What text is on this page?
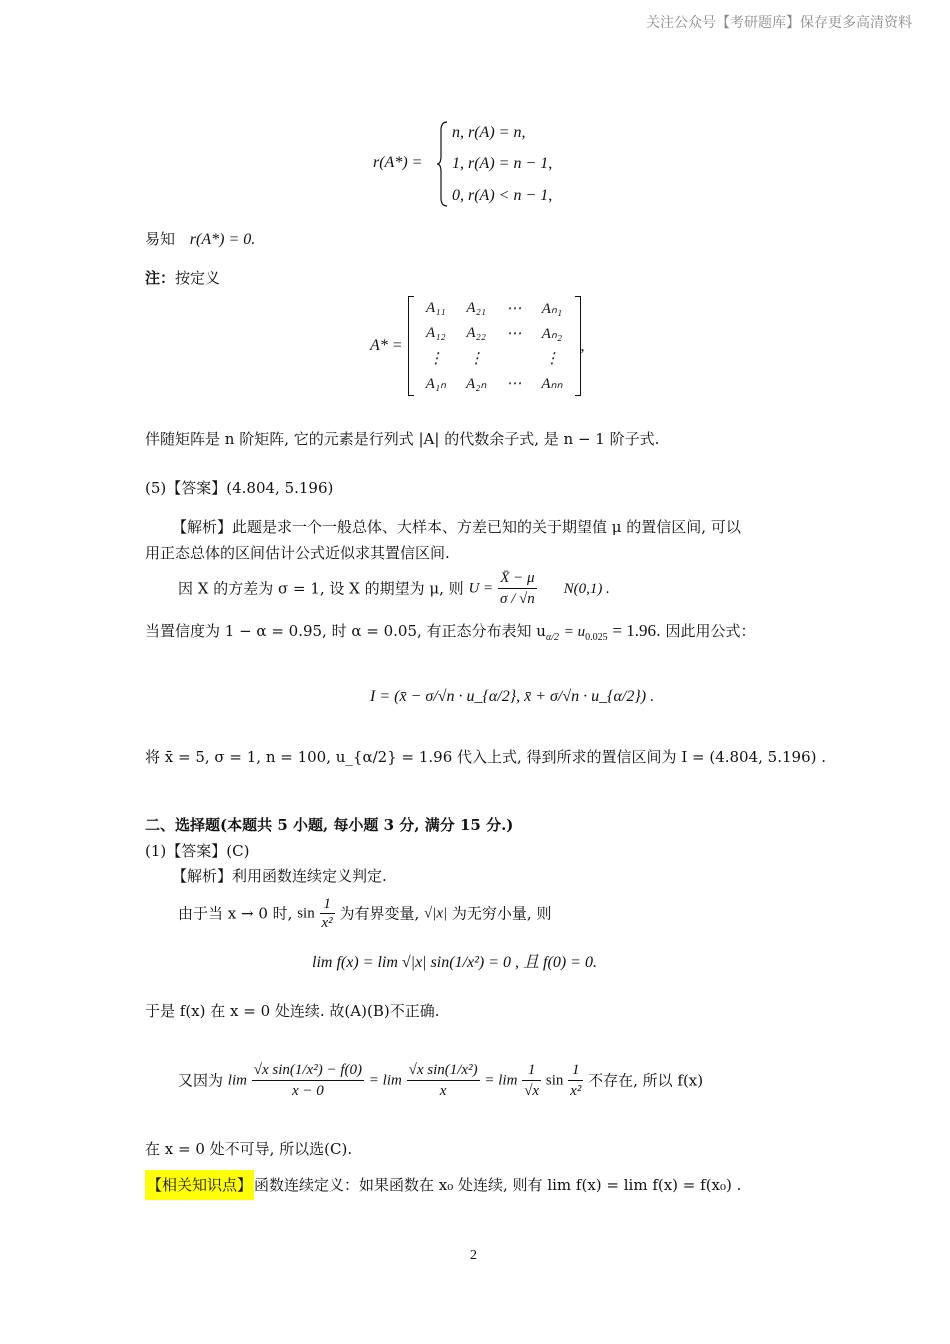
关注公众号【考研题库】保存更多高清资料
r(A*) =
n, r(A) = n,
1, r(A) = n − 1,
0, r(A) < n − 1,
易知 r(A*) = 0.
注：按定义
A* =
A₁₁	A₂₁	⋯	Aₙ₁
A₁₂	A₂₂	⋯	Aₙ₂
⋮	⋮		⋮
A₁ₙ	A₂ₙ	⋯	Aₙₙ
,
伴随矩阵是 n 阶矩阵, 它的元素是行列式 |A| 的代数余子式, 是 n − 1 阶子式.
(5)【答案】(4.804, 5.196)
【解析】此题是求一个一般总体、大样本、方差已知的关于期望值 μ 的置信区间, 可以
用正态总体的区间估计公式近似求其置信区间.
因 X 的方差为 σ = 1, 设 X 的期望为 μ, 则 $U = \frac{X̄ - \mu}{\sigma / √n} N(0,1)$ .
当置信度为 1 − α = 0.95, 时 α = 0.05, 有正态分布表知 $u_{\alpha/2} = u_{0.025} = 1.96$. 因此用公式：
I = (x̄ − σ/√n · u_{α/2}, x̄ + σ/√n · u_{α/2}) .
将 x̄ = 5, σ = 1, n = 100, u_{α/2} = 1.96 代入上式, 得到所求的置信区间为 I = (4.804, 5.196) .
二、选择题(本题共 5 小题, 每小题 3 分, 满分 15 分.)
(1)【答案】(C)
【解析】利用函数连续定义判定.
由于当 x → 0 时, $\sin \frac{1}{\text{x²}}$ 为有界变量, √|x| 为无穷小量, 则
lim f(x) = lim √|x| sin(1/x²) = 0 , 且 f(0) = 0.
于是 f(x) 在 x = 0 处连续. 故(A)(B)不正确.
又因为 $\lim \frac{\text{√x sin(1/x²) − f(0)}}{x - 0} = \lim \frac{\text{√x sin(1/x²)}}{x} = \lim \frac{1}{√x}$ $\sin \frac{1}{\text{x²}}$ 不存在, 所以 f(x)
在 x = 0 处不可导, 所以选(C).
【相关知识点】 函数连续定义：如果函数在 x₀ 处连续, 则有 lim f(x) = lim f(x) = f(x₀) .
2
